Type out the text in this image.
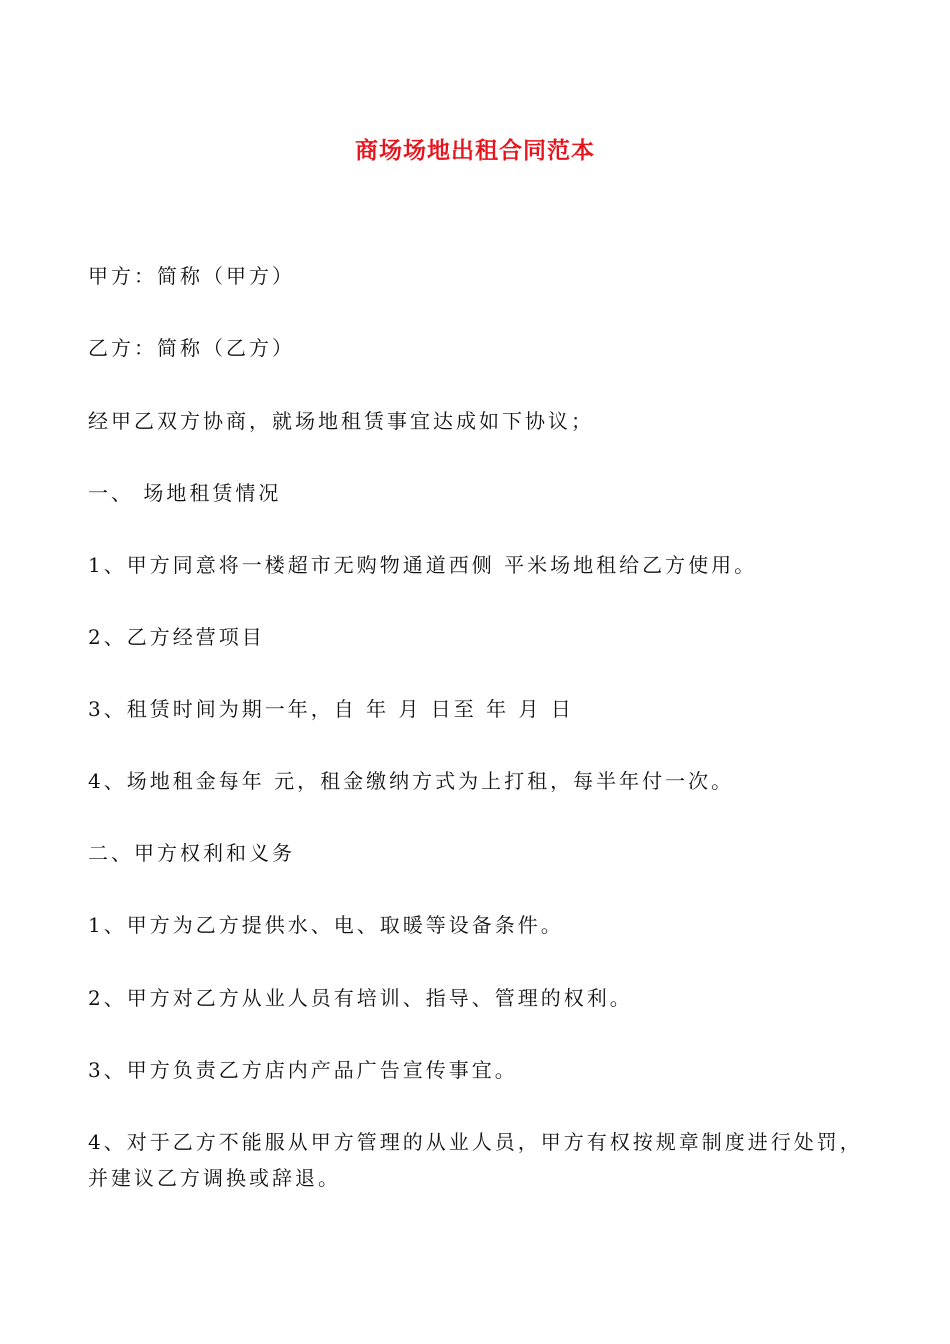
商场场地出租合同范本

甲方：简称（甲方）

乙方：简称（乙方）

经甲乙双方协商，就场地租赁事宜达成如下协议；

一、 场地租赁情况

1、甲方同意将一楼超市无购物通道西侧 平米场地租给乙方使用。

2、乙方经营项目

3、租赁时间为期一年，自 年 月 日至 年 月 日

4、场地租金每年 元，租金缴纳方式为上打租，每半年付一次。

二、甲方权利和义务

1、甲方为乙方提供水、电、取暖等设备条件。

2、甲方对乙方从业人员有培训、指导、管理的权利。

3、甲方负责乙方店内产品广告宣传事宜。

4、对于乙方不能服从甲方管理的从业人员，甲方有权按规章制度进行处罚，并建议乙方调换或辞退。
